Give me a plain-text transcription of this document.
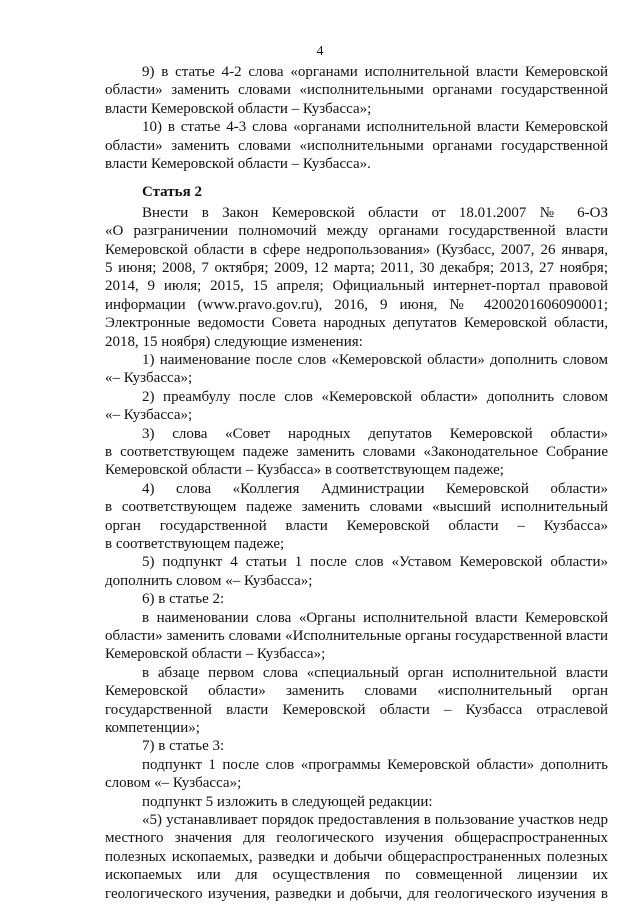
4
9) в статье 4-2 слова «органами исполнительной власти Кемеровской
области» заменить словами «исполнительными органами государственной
власти Кемеровской области – Кузбасса»;
10) в статье 4-3 слова «органами исполнительной власти Кемеровской
области» заменить словами «исполнительными органами государственной
власти Кемеровской области – Кузбасса».
Статья 2
Внести в Закон Кемеровской области от 18.01.2007 № 6-ОЗ
«О разграничении полномочий между органами государственной власти
Кемеровской области в сфере недропользования» (Кузбасс, 2007, 26 января,
5 июня; 2008, 7 октября; 2009, 12 марта; 2011, 30 декабря; 2013, 27 ноября;
2014, 9 июля; 2015, 15 апреля; Официальный интернет-портал правовой
информации (www.pravo.gov.ru), 2016, 9 июня, № 4200201606090001;
Электронные ведомости Совета народных депутатов Кемеровской области,
2018, 15 ноября) следующие изменения:
1) наименование после слов «Кемеровской области» дополнить словом
«– Кузбасса»;
2) преамбулу после слов «Кемеровской области» дополнить словом
«– Кузбасса»;
3) слова «Совет народных депутатов Кемеровской области»
в соответствующем падеже заменить словами «Законодательное Собрание
Кемеровской области – Кузбасса» в соответствующем падеже;
4) слова «Коллегия Администрации Кемеровской области»
в соответствующем падеже заменить словами «высший исполнительный
орган государственной власти Кемеровской области – Кузбасса»
в соответствующем падеже;
5) подпункт 4 статьи 1 после слов «Уставом Кемеровской области»
дополнить словом «– Кузбасса»;
6) в статье 2:
в наименовании слова «Органы исполнительной власти Кемеровской
области» заменить словами «Исполнительные органы государственной власти
Кемеровской области – Кузбасса»;
в абзаце первом слова «специальный орган исполнительной власти
Кемеровской области» заменить словами «исполнительный орган
государственной власти Кемеровской области – Кузбасса отраслевой
компетенции»;
7) в статье 3:
подпункт 1 после слов «программы Кемеровской области» дополнить
словом «– Кузбасса»;
подпункт 5 изложить в следующей редакции:
«5) устанавливает порядок предоставления в пользование участков недр
местного значения для геологического изучения общераспространенных
полезных ископаемых, разведки и добычи общераспространенных полезных
ископаемых или для осуществления по совмещенной лицензии их
геологического изучения, разведки и добычи, для геологического изучения в
